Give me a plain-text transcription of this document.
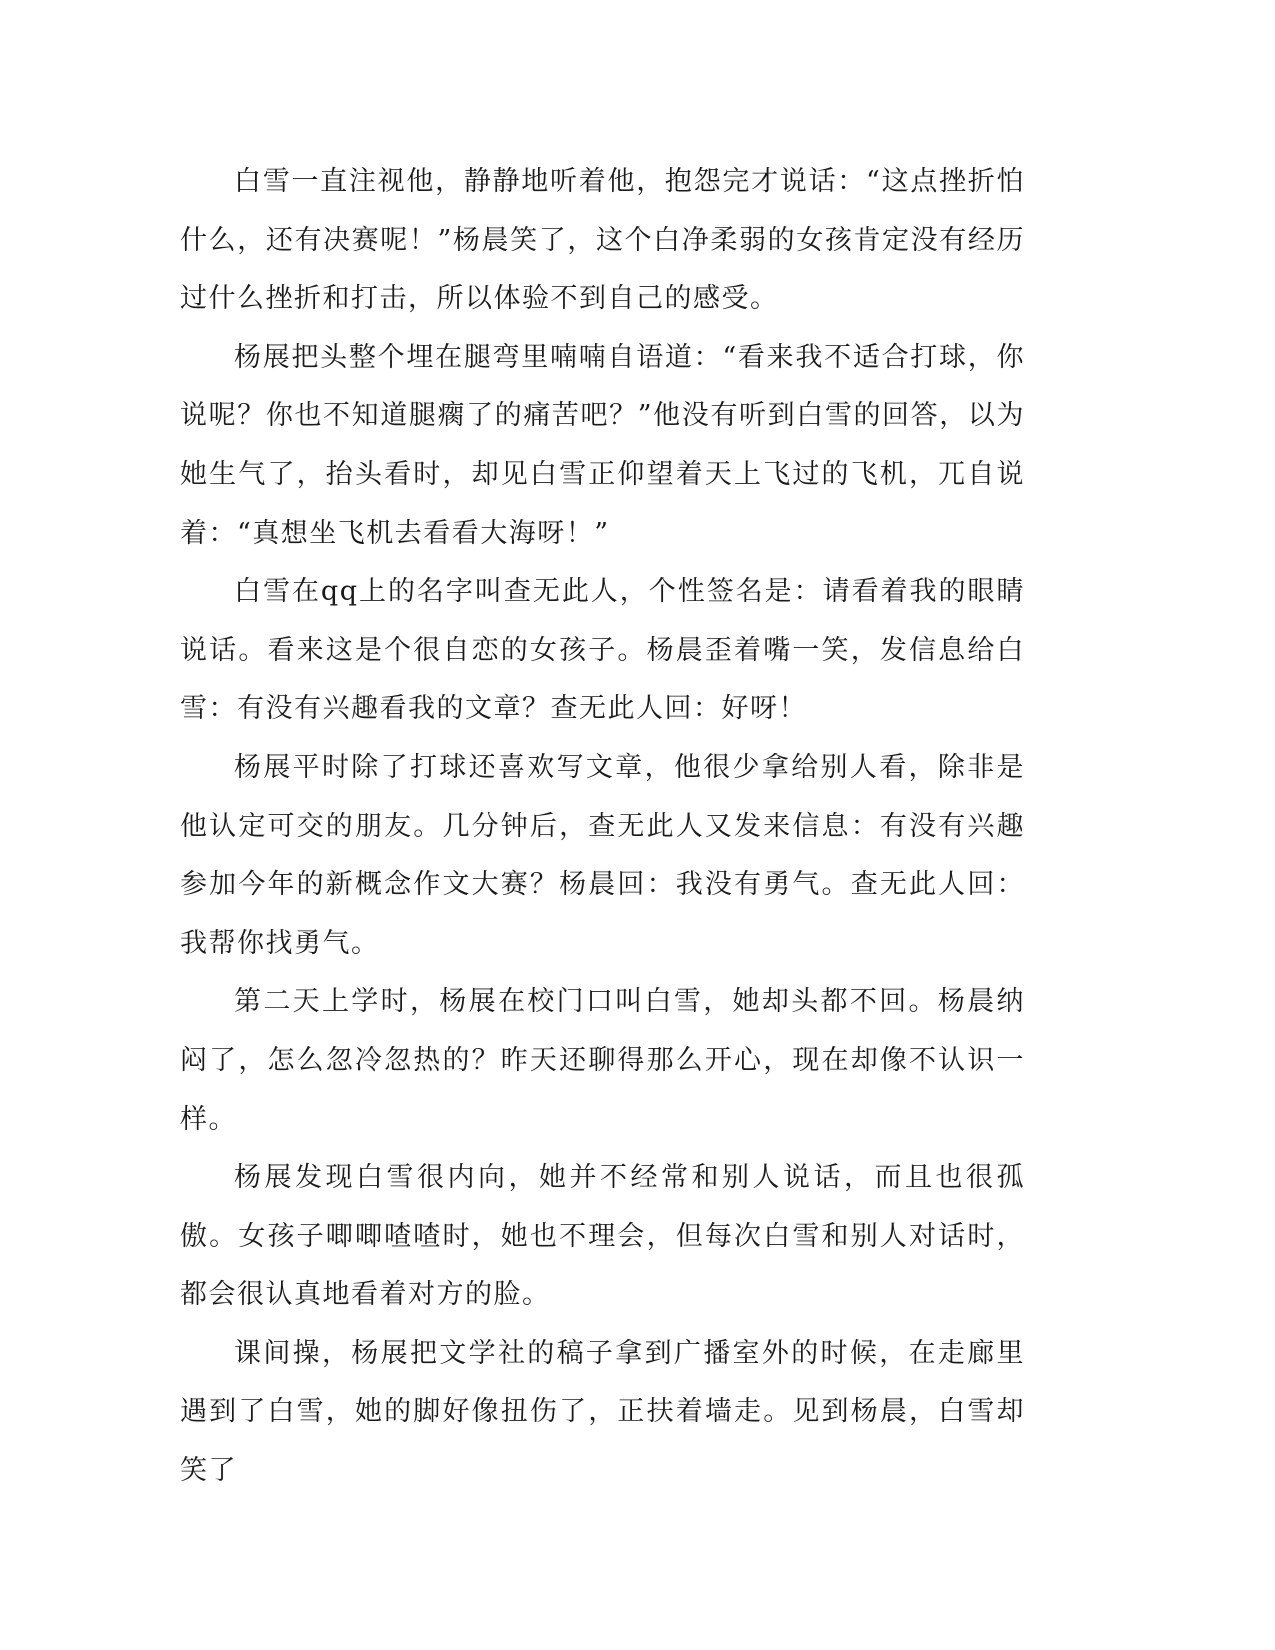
白雪一直注视他，静静地听着他，抱怨完才说话：“这点挫折怕什么，还有决赛呢！”杨晨笑了，这个白净柔弱的女孩肯定没有经历过什么挫折和打击，所以体验不到自己的感受。

杨展把头整个埋在腿弯里喃喃自语道：“看来我不适合打球，你说呢？你也不知道腿瘸了的痛苦吧？”他没有听到白雪的回答，以为她生气了，抬头看时，却见白雪正仰望着天上飞过的飞机，兀自说着：“真想坐飞机去看看大海呀！”

白雪在qq上的名字叫查无此人，个性签名是：请看着我的眼睛说话。看来这是个很自恋的女孩子。杨晨歪着嘴一笑，发信息给白雪：有没有兴趣看我的文章？查无此人回：好呀！

杨展平时除了打球还喜欢写文章，他很少拿给别人看，除非是他认定可交的朋友。几分钟后，查无此人又发来信息：有没有兴趣参加今年的新概念作文大赛？杨晨回：我没有勇气。查无此人回：我帮你找勇气。

第二天上学时，杨展在校门口叫白雪，她却头都不回。杨晨纳闷了，怎么忽冷忽热的？昨天还聊得那么开心，现在却像不认识一样。

杨展发现白雪很内向，她并不经常和别人说话，而且也很孤傲。女孩子唧唧喳喳时，她也不理会，但每次白雪和别人对话时，都会很认真地看着对方的脸。

课间操，杨展把文学社的稿子拿到广播室外的时候，在走廊里遇到了白雪，她的脚好像扭伤了，正扶着墙走。见到杨晨，白雪却笑了
